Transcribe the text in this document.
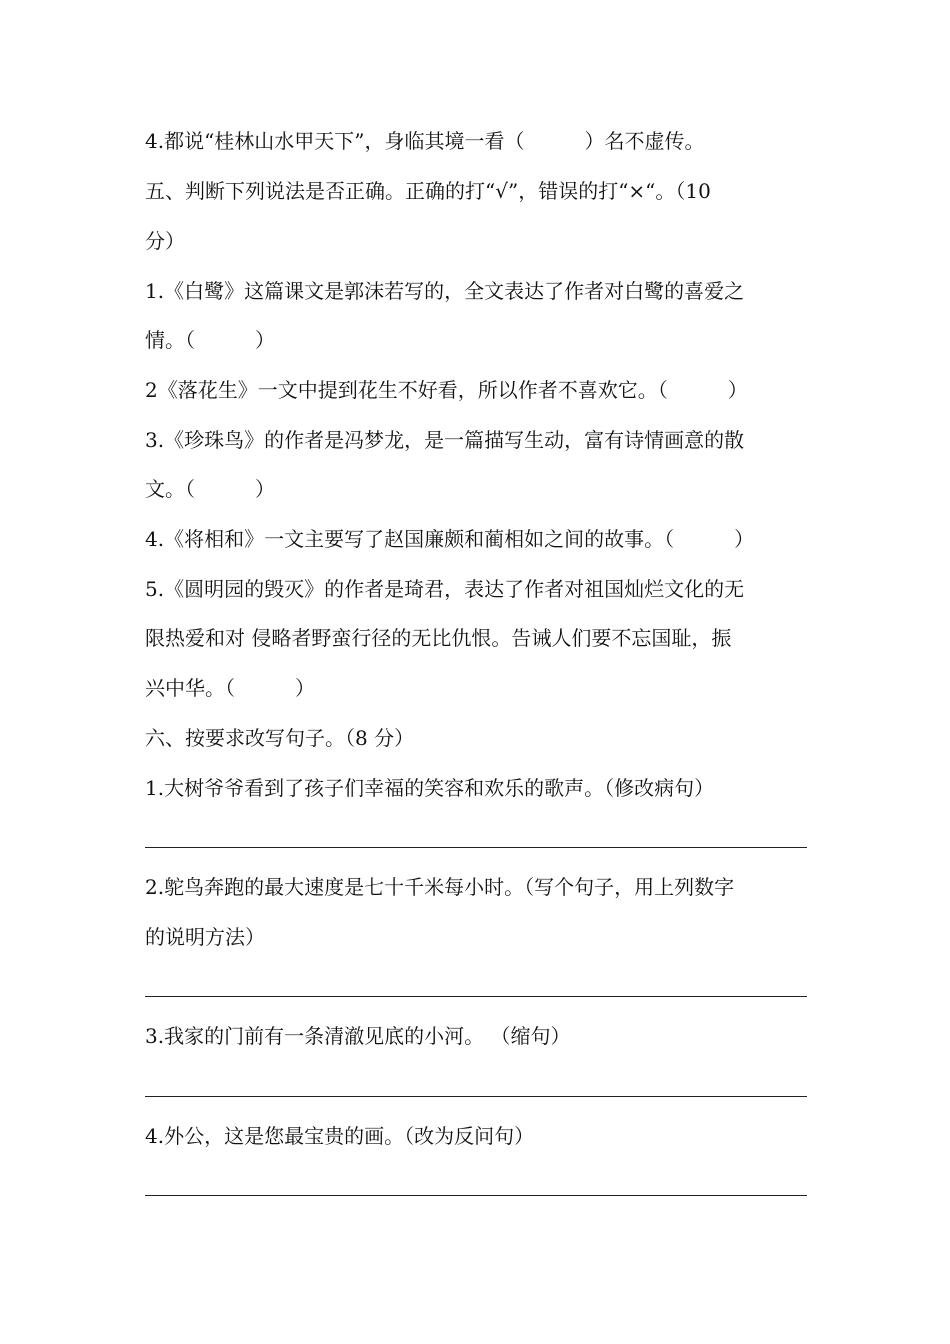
4.都说“桂林山水甲天下”，身临其境一看（　　　）名不虚传。
五、判断下列说法是否正确。正确的打“√”，错误的打“×“。（10
分）
1.《白鹭》这篇课文是郭沫若写的，全文表达了作者对白鹭的喜爱之
情。（　　　）
2《落花生》一文中提到花生不好看，所以作者不喜欢它。（　　　）
3.《珍珠鸟》的作者是冯梦龙，是一篇描写生动，富有诗情画意的散
文。（　　　）
4.《将相和》一文主要写了赵国廉颇和蔺相如之间的故事。（　　　）
5.《圆明园的毁灭》的作者是琦君，表达了作者对祖国灿烂文化的无
限热爱和对 侵略者野蛮行径的无比仇恨。告诫人们要不忘国耻，振
兴中华。（　　　）
六、按要求改写句子。（8 分）
1.大树爷爷看到了孩子们幸福的笑容和欢乐的歌声。（修改病句）
2.鸵鸟奔跑的最大速度是七十千米每小时。（写个句子，用上列数字
的说明方法）
3.我家的门前有一条清澈见底的小河。 （缩句）
4.外公，这是您最宝贵的画。（改为反问句）
